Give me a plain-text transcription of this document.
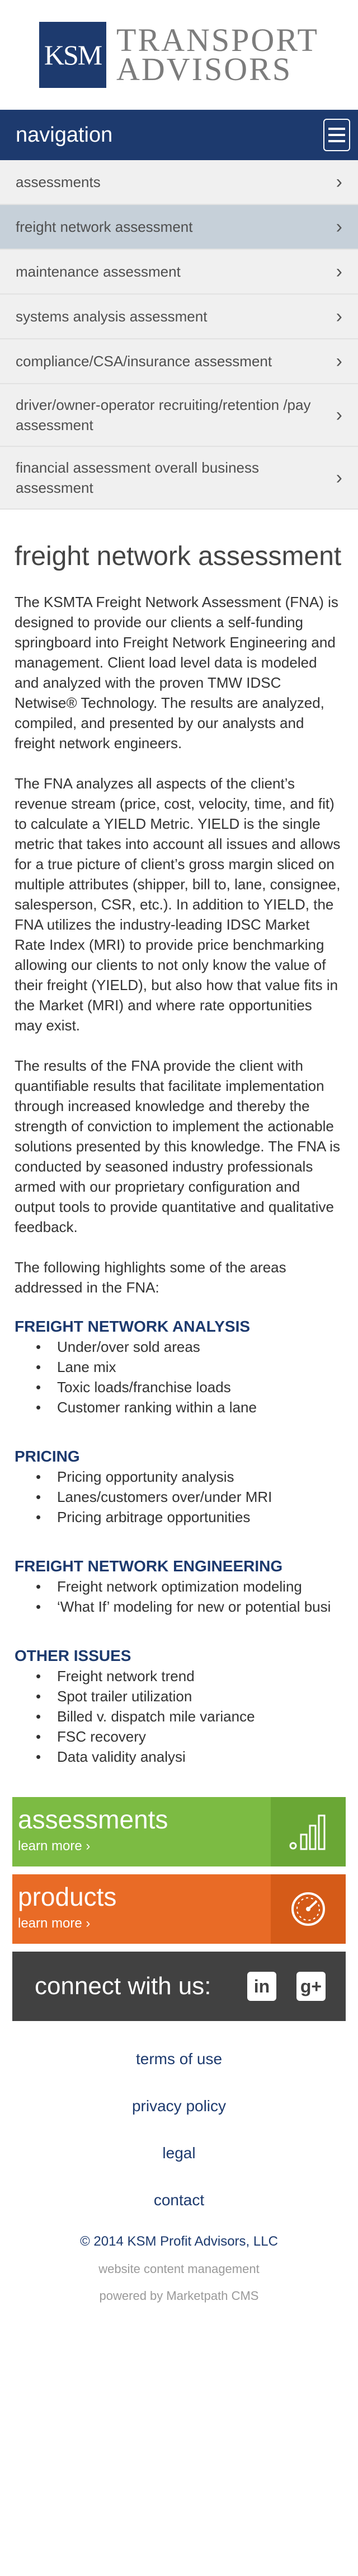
KSM TRANSPORT
ADVISORS
navigation
assessments	›
freight network assessment	›
maintenance assessment	›
systems analysis assessment	›
compliance/CSA/insurance assessment	›
driver/owner-operator recruiting/retention /pay assessment	›
financial assessment overall business assessment	›
freight network assessment

The KSMTA Freight Network Assessment (FNA) is designed to provide our clients a self-funding springboard into Freight Network Engineering and management. Client load level data is modeled and analyzed with the proven TMW IDSC Netwise® Technology. The results are analyzed, compiled, and presented by our analysts and freight network engineers.

The FNA analyzes all aspects of the client’s revenue stream (price, cost, velocity, time, and fit) to calculate a YIELD Metric. YIELD is the single metric that takes into account all issues and allows for a true picture of client’s gross margin sliced on multiple attributes (shipper, bill to, lane, consignee, salesperson, CSR, etc.). In addition to YIELD, the FNA utilizes the industry-leading IDSC Market Rate Index (MRI) to provide price benchmarking allowing our clients to not only know the value of their freight (YIELD), but also how that value fits in the Market (MRI) and where rate opportunities may exist.

The results of the FNA provide the client with quantifiable results that facilitate implementation through increased knowledge and thereby the strength of conviction to implement the actionable solutions presented by this knowledge. The FNA is conducted by seasoned industry professionals armed with our proprietary configuration and output tools to provide quantitative and qualitative feedback.

The following highlights some of the areas addressed in the FNA:

FREIGHT NETWORK ANALYSIS
• Under/over sold areas
• Lane mix
• Toxic loads/franchise loads
• Customer ranking within a lane
PRICING
• Pricing opportunity analysis
• Lanes/customers over/under MRI
• Pricing arbitrage opportunities
FREIGHT NETWORK ENGINEERING
• Freight network optimization modeling
• ‘What If’ modeling for new or potential busi
OTHER ISSUES
• Freight network trend
• Spot trailer utilization
• Billed v. dispatch mile variance
• FSC recovery
• Data validity analysi
assessments
learn more ›
products
learn more ›
connect with us:	in	g+
terms of use
privacy policy
legal
contact
© 2014 KSM Profit Advisors, LLC
website content management
powered by Marketpath CMS
